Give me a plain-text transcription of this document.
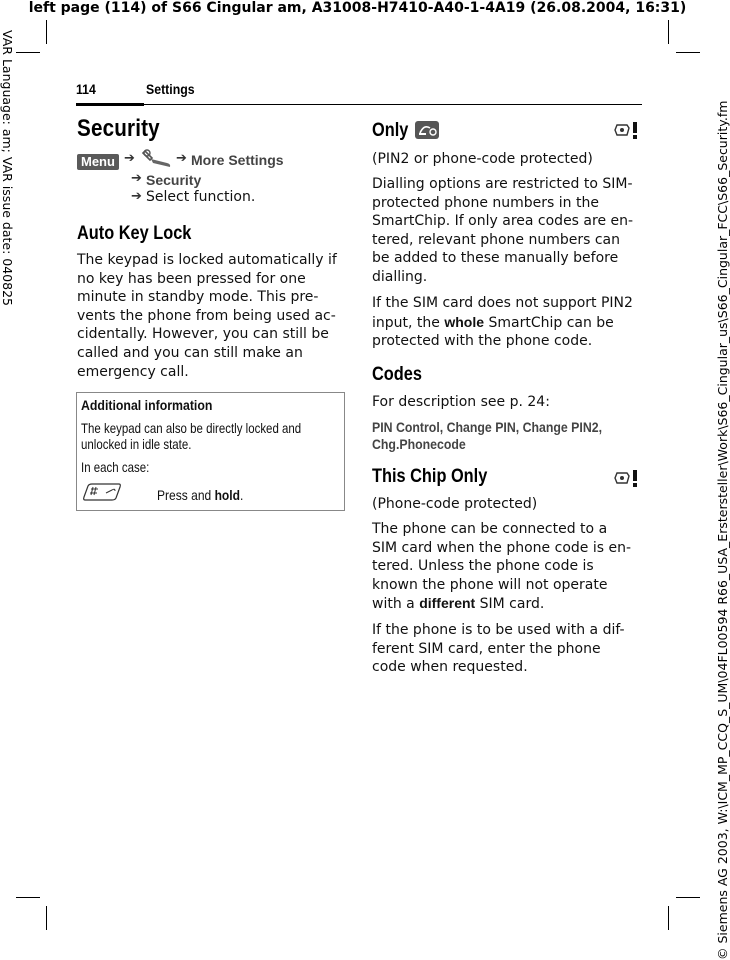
left page (114) of S66 Cingular am, A31008-H7410-A40-1-4A19 (26.08.2004, 16:31)
VAR Language: am; VAR issue date: 040825	© Siemens AG 2003, W:\ICM_MP_CCQ_S_UM\04FL00594 R66_USA_Erstersteller\Work\S66_Cingular_us\S66_Cingular_FCC\S66_Security.fm
114	Settings
Security
Menu ➔	➔ More Settings
➔ Security
➔ Select function.
Auto Key Lock
The keypad is locked automatically if
no key has been pressed for one
minute in standby mode. This pre-
vents the phone from being used ac-
cidentally. However, you can still be
called and you can still make an
emergency call.
Additional information
The keypad can also be directly locked and
unlocked in idle state.
In each case:
Press and hold.
Only
(PIN2 or phone-code protected)
Dialling options are restricted to SIM-
protected phone numbers in the
SmartChip. If only area codes are en-
tered, relevant phone numbers can
be added to these manually before
dialling.
If the SIM card does not support PIN2
input, the whole SmartChip can be
protected with the phone code.
Codes
For description see p. 24:
PIN Control, Change PIN, Change PIN2,
Chg.Phonecode
This Chip Only
(Phone-code protected)
The phone can be connected to a
SIM card when the phone code is en-
tered. Unless the phone code is
known the phone will not operate
with a different SIM card.
If the phone is to be used with a dif-
ferent SIM card, enter the phone
code when requested.
